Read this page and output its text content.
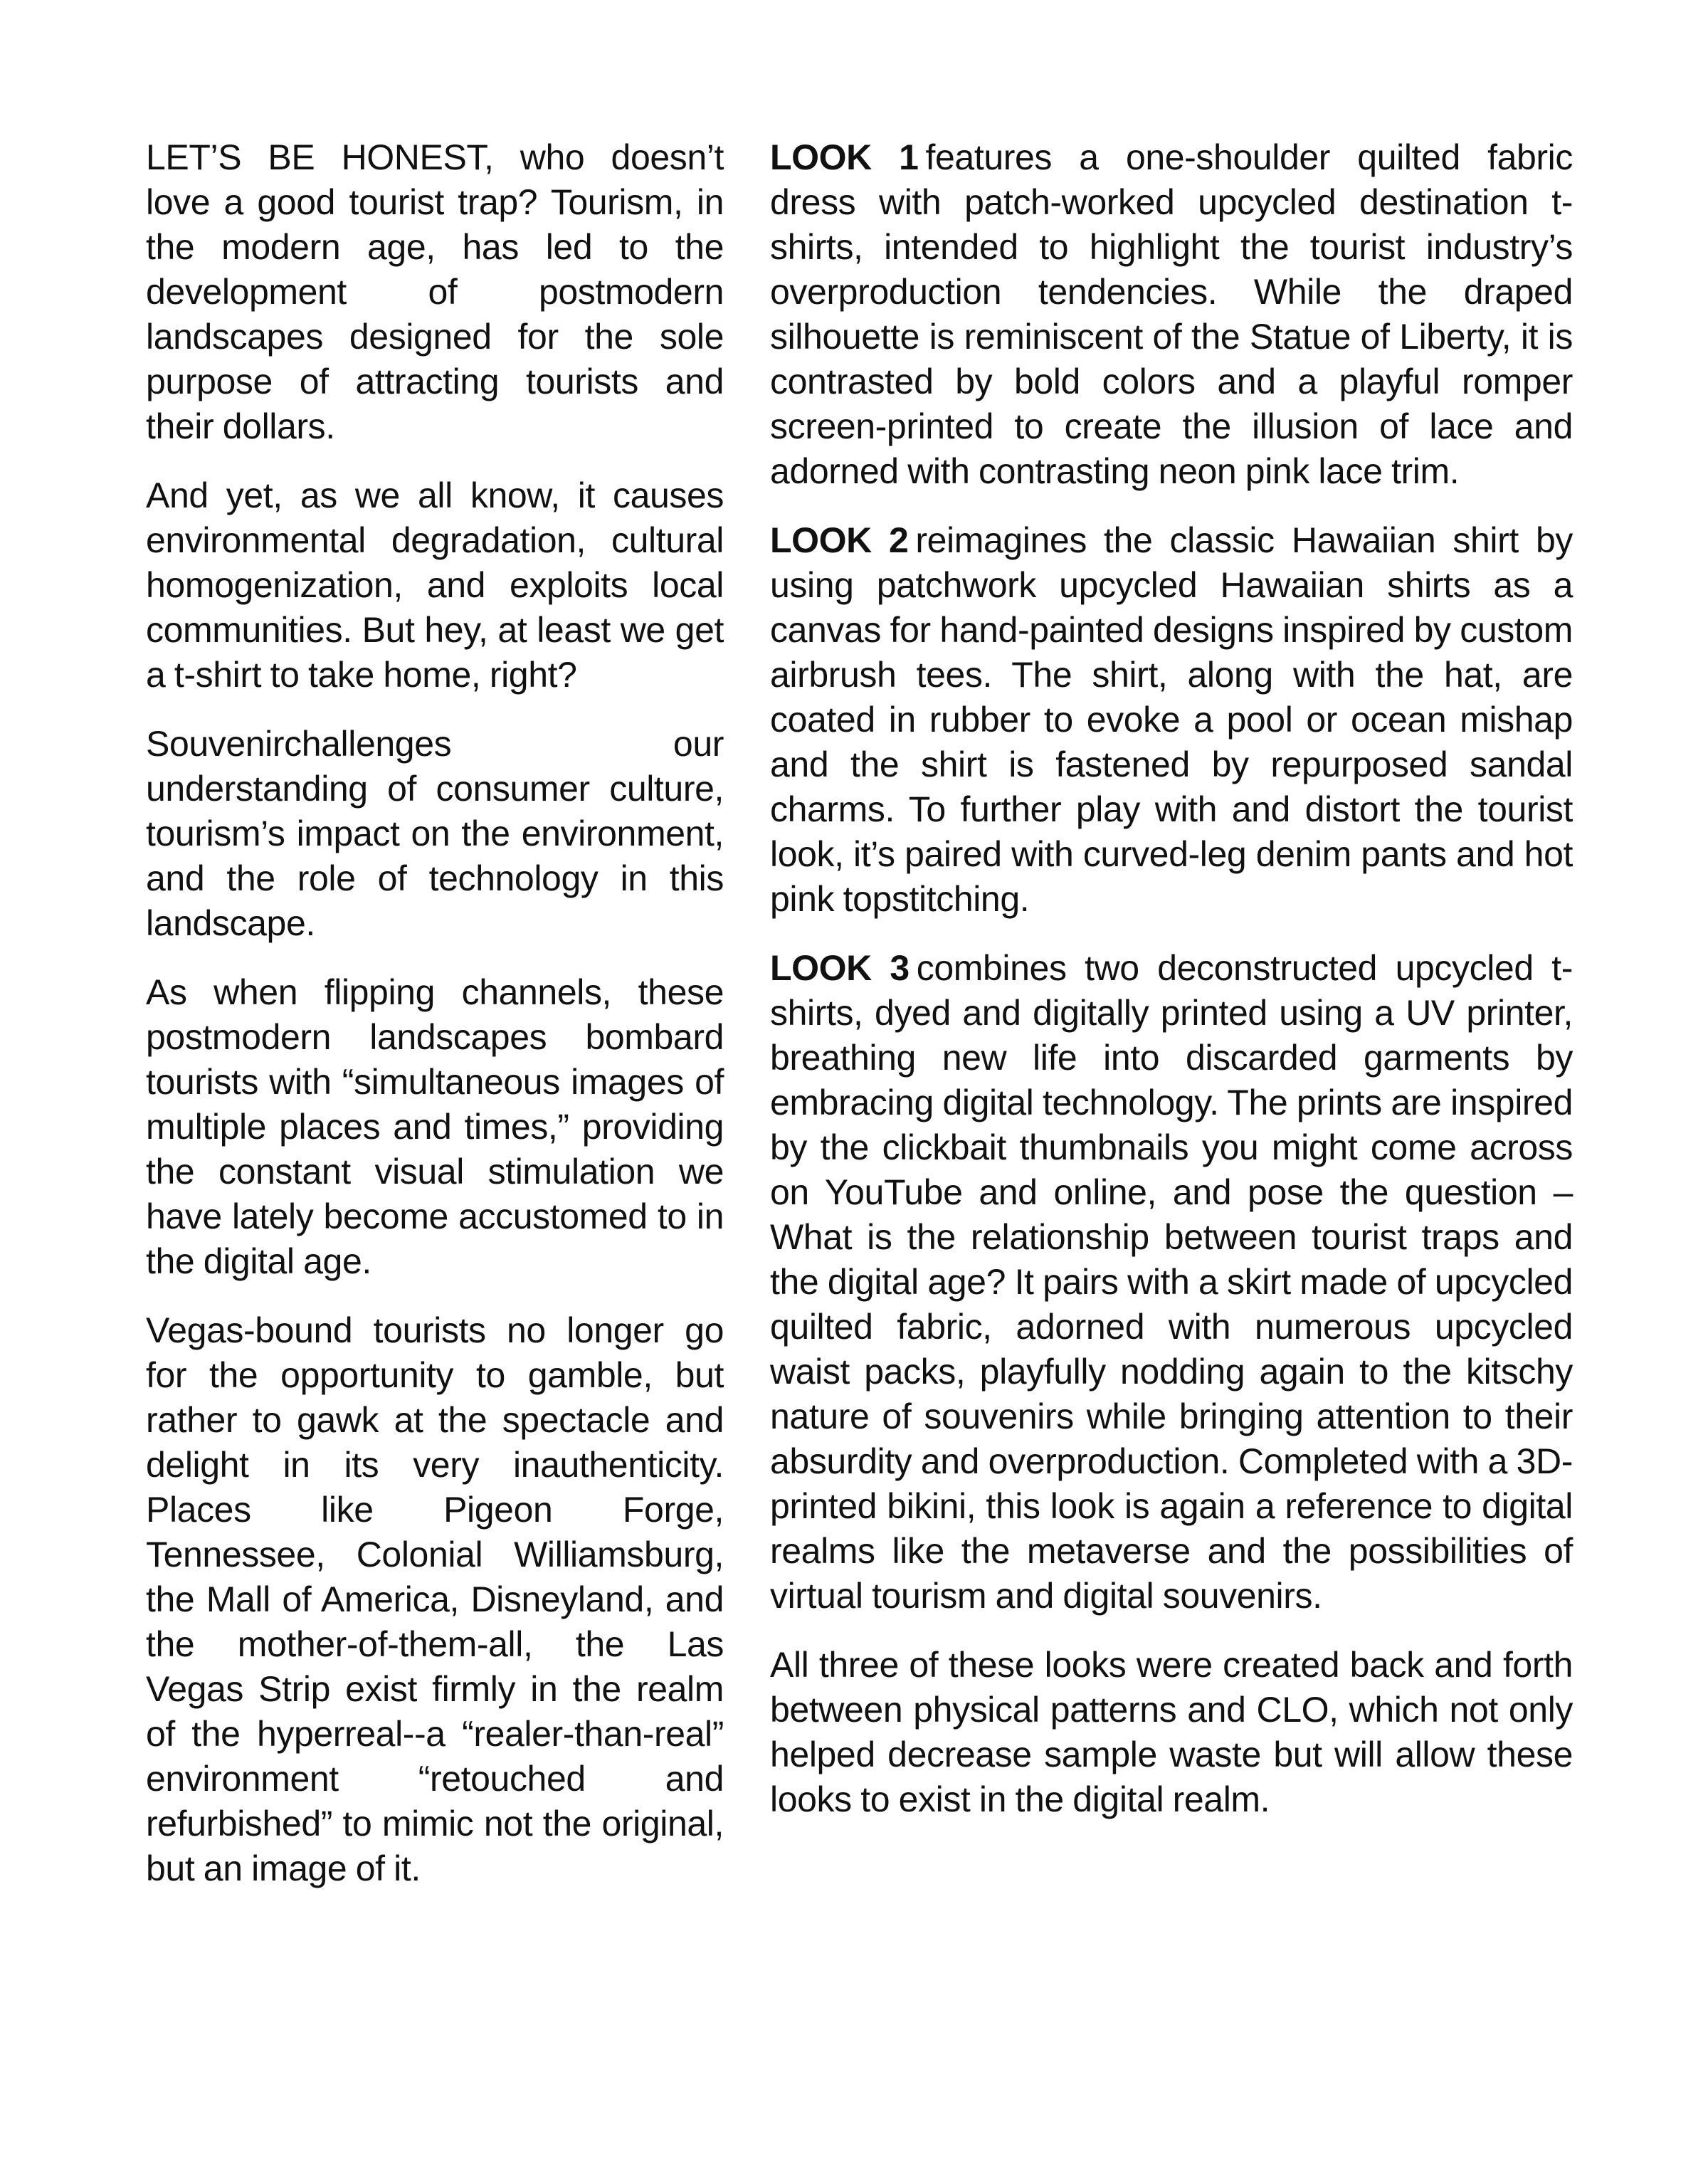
LET’S BE HONEST, who doesn’t love a good tourist trap? Tourism, in the modern age, has led to the development of postmodern landscapes designed for the sole purpose of attracting tourists and their dollars.

And yet, as we all know, it causes environmental degradation, cultural homogenization, and exploits local communities. But hey, at least we get a t-shirt to take home, right?

Souvenirchallenges our understanding of consumer culture, tourism’s impact on the environment, and the role of technology in this landscape.

As when flipping channels, these postmodern landscapes bombard tourists with “simultaneous images of multiple places and times,” providing the constant visual stimulation we have lately become accustomed to in the digital age.

Vegas-bound tourists no longer go for the opportunity to gamble, but rather to gawk at the spectacle and delight in its very inauthenticity. Places like Pigeon Forge, Tennessee, Colonial Williamsburg, the Mall of America, Disneyland, and the mother-of-them-all, the Las Vegas Strip exist firmly in the realm of the hyperreal--a “realer-than-real” environment “retouched and refurbished” to mimic not the original, but an image of it.

LOOK 1 features a one-shoulder quilted fabric dress with patch-worked upcycled destination t-shirts, intended to highlight the tourist industry’s overproduction tendencies. While the draped silhouette is reminiscent of the Statue of Liberty, it is contrasted by bold colors and a playful romper screen-printed to create the illusion of lace and adorned with contrasting neon pink lace trim.

LOOK 2 reimagines the classic Hawaiian shirt by using patchwork upcycled Hawaiian shirts as a canvas for hand-painted designs inspired by custom airbrush tees. The shirt, along with the hat, are coated in rubber to evoke a pool or ocean mishap and the shirt is fastened by repurposed sandal charms. To further play with and distort the tourist look, it’s paired with curved-leg denim pants and hot pink topstitching.

LOOK 3 combines two deconstructed upcycled t-shirts, dyed and digitally printed using a UV printer, breathing new life into discarded garments by embracing digital technology. The prints are inspired by the clickbait thumbnails you might come across on YouTube and online, and pose the question – What is the relationship between tourist traps and the digital age? It pairs with a skirt made of upcycled quilted fabric, adorned with numerous upcycled waist packs, playfully nodding again to the kitschy nature of souvenirs while bringing attention to their absurdity and overproduction. Completed with a 3D-printed bikini, this look is again a reference to digital realms like the metaverse and the possibilities of virtual tourism and digital souvenirs.

All three of these looks were created back and forth between physical patterns and CLO, which not only helped decrease sample waste but will allow these looks to exist in the digital realm.
